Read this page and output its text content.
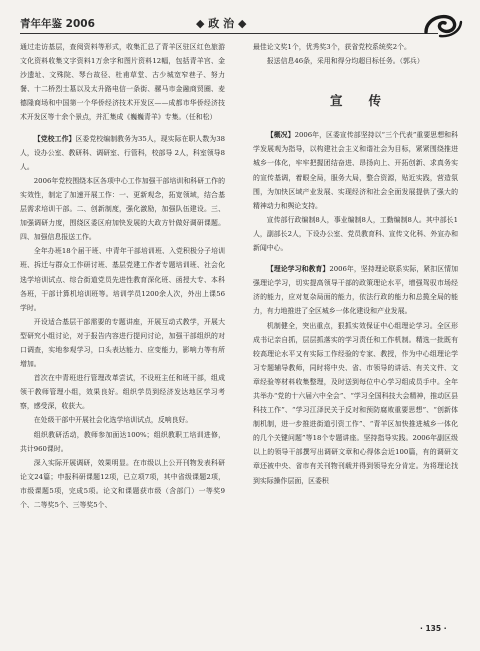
青年年鉴 2006	◆ 政 治 ◆

通过走访基层，查阅资料等形式，收集汇总了青羊区驻区红色旅游文化资料收集文字资料1万余字和图片资料12幅，包括青羊宫、金沙遗址、文殊院、琴台故径、杜甫草堂、古少城宽窄巷子、努力餐、十二桥烈士墓以及太升路电信一条街、骡马市金融商贸圈、麦德隆商场和中国第一个华侨经济技术开发区——成都市华侨经济技术开发区等十余个景点，并汇集成《巍巍青羊》专集。（任和松）

【党校工作】区委党校编制教务为35人，现实际在职人数为38人，设办公室、教研科、调研室、行管科，校部导 2人，科室领导8人。

2006年党校围绕本区各项中心工作加强干部培训和科研工作的实效性，制定了加速开展工作：一、更新观念，拓宽领域，结合基层需求培训干部。二、创新制度，强化激励，加强队伍建设。三、加强调研力度，围绕区委区府加快发展的大政方针做好调研课题。四、加强信息报送工作。

全年办班18个届干班、中青年干部培训班、入党积极分子培训班、拆迁与群众工作研讨班、基层党建工作者专题培训班、社会化选学培训试点、综合街道党员先进性教育深化班、函授大专、本科各班，干部计算机培训班等。培训学员1200余人次，外出上课56学时。

开设适合基层干部需要的专题讲座，开展互动式教学，开展大型研究小组讨论，对于报告内容进行提问讨论，加强干部组织的对口调查，实地参观学习，口头表达能力、应变能力，影响力等有所增加。

首次在中青班进行管理改革尝试，不设班主任和班干部，组成领干教师管理小组，效果良好。组织学员到经济发达地区学习考察，感受深，收获大。

在处级干部中开展社会化选学培训试点，反响良好。

组织教研活动，教师参加面达100%；组织教职工培训进修，共计960课时。

深入实际开展调研，效果明显。在市级以上公开刊物发表科研论文24篇；申报科研课题12项，已立项7项，其中省级课题2项，市级课题5项，完成5项。论文和课题获市级（含部门）一等奖9个、二等奖5个、三等奖5个、

最佳论文奖1个，优秀奖3个，获省党校系统奖2个。

报送信息46条，采用和得分均超目标任务。（郭兵）

宣传

【概况】2006年，区委宣传部坚持以“三个代表”重要思想和科学发展观为指导，以构建社会主义和谐社会为目标，紧紧围绕推进城乡一体化，牢牢把握团结奋进、昂扬向上、开拓创新、求真务实的宣传基调，着眼全局，服务大局，整合资源，贴近实践，营造氛围，为加快区域产业发展、实现经济和社会全面发展提供了强大的精神动力和舆论支持。

宣传部行政编制8人，事业编制8人，工勤编制8人。其中部长1人，副部长2人，下设办公室、党员教育科、宣传文化科、外宣办和新闻中心。

【理论学习和教育】2006年，坚持理论联系实际，紧扣区情加强理论学习，切实提高领导干部的政策理论水平，增强驾驭市场经济的能力，应对复杂局面的能力，依法行政的能力和总揽全局的能力，有力地推进了全区城乡一体化建设和产业发展。

机制健全，突出重点，狠抓实效保证中心组理论学习。全区形成书记亲自抓，层层抓落实的学习责任和工作机制。精选一批既有较高理论水平又有实际工作经验的专家、教授，作为中心组理论学习专题辅导教师，同时将中央、省、市领导的讲话、有关文件、文章经验等材料收集整理，及时送到每位中心学习组成员手中。全年共举办“党的十六届六中全会”、“学习全国科技大会精神，推动区县科技工作”、“学习江泽民关于反对和预防腐败重要思想”、“创新体制机制，进一步推进街道引资工作”、“青羊区加快推进城乡一体化的几个关键问题”等18个专题讲座。坚持指导实践。2006年副区级以上的领导干部撰写出调研文章和心得体会近100篇，有的调研文章还被中央、省市有关刊物刊载并得到领导充分肯定。为将理论找到实际操作层面，区委积

· 135 ·
